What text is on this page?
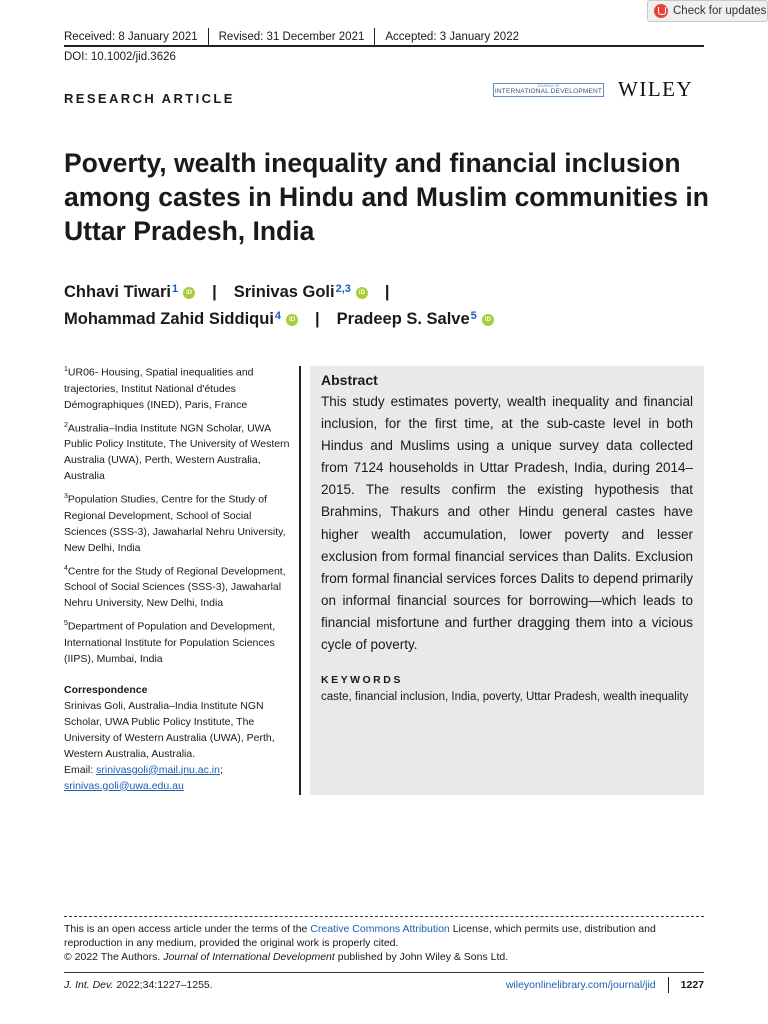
Check for updates
Received: 8 January 2021 Revised: 31 December 2021 Accepted: 3 January 2022
DOI: 10.1002/jid.3626
RESEARCH ARTICLE
JOURNAL OF
INTERNATIONAL DEVELOPMENT WILEY
Poverty, wealth inequality and financial inclusion among castes in Hindu and Muslim communities in Uttar Pradesh, India
Chhavi Tiwari$^1$	iD | Srinivas Goli$^{2,3}$	iD |
Mohammad Zahid Siddiqui$^4$	iD | Pradeep S. Salve$^5$	iD

$^1$UR06- Housing, Spatial inequalities and trajectories, Institut National d'études Démographiques (INED), Paris, France

$^2$Australia–India Institute NGN Scholar, UWA Public Policy Institute, The University of Western Australia (UWA), Perth, Western Australia, Australia

$^3$Population Studies, Centre for the Study of Regional Development, School of Social Sciences (SSS-3), Jawaharlal Nehru University, New Delhi, India

$^4$Centre for the Study of Regional Development, School of Social Sciences (SSS-3), Jawaharlal Nehru University, New Delhi, India

$^5$Department of Population and Development, International Institute for Population Sciences (IIPS), Mumbai, India

Correspondence

Srinivas Goli, Australia–India Institute NGN Scholar, UWA Public Policy Institute, The University of Western Australia (UWA), Perth, Western Australia, Australia.

Email: srinivasgoli@mail.jnu.ac.in;
srinivas.goli@uwa.edu.au

Abstract

This study estimates poverty, wealth inequality and financial inclusion, for the first time, at the sub-caste level in both Hindus and Muslims using a unique survey data collected from 7124 households in Uttar Pradesh, India, during 2014–2015. The results confirm the existing hypothesis that Brahmins, Thakurs and other Hindu general castes have higher wealth accumulation, lower poverty and lesser exclusion from formal financial services than Dalits. Exclusion from formal financial services forces Dalits to depend primarily on informal financial sources for borrowing—which leads to financial misfortune and further dragging them into a vicious cycle of poverty.

KEYWORDS

caste, financial inclusion, India, poverty, Uttar Pradesh, wealth inequality

This is an open access article under the terms of the Creative Commons Attribution License, which permits use, distribution and reproduction in any medium, provided the original work is properly cited.
© 2022 The Authors. Journal of International Development published by John Wiley & Sons Ltd.
J. Int. Dev. 2022;34:1227–1255.	wileyonlinelibrary.com/journal/jid 1227
